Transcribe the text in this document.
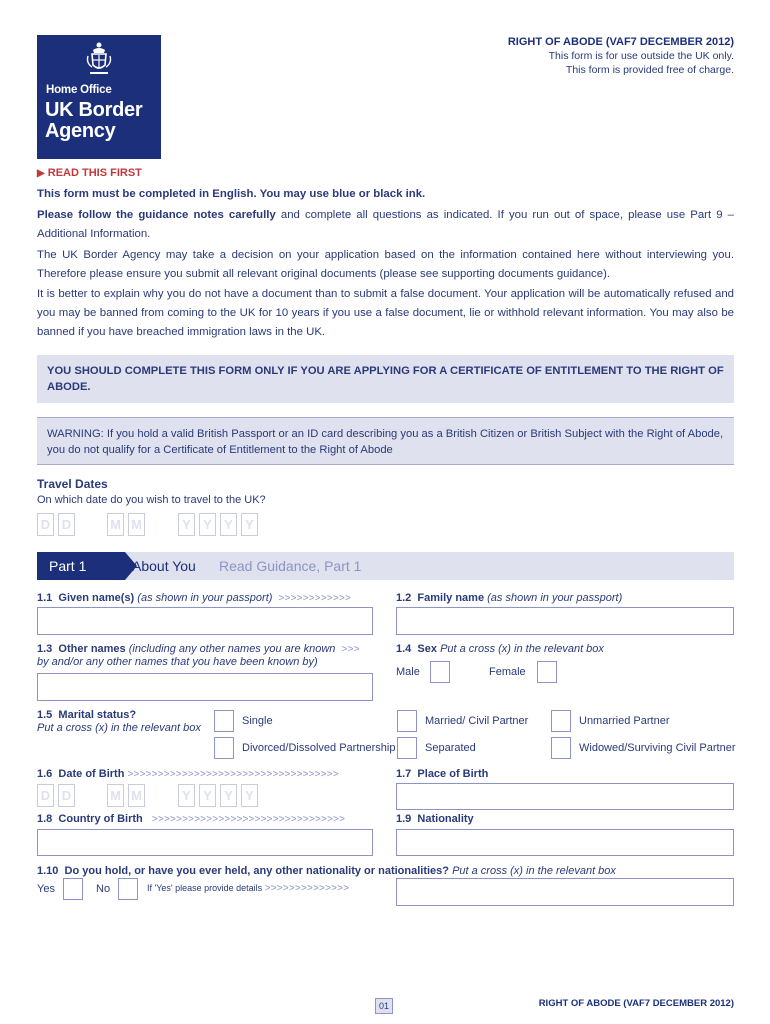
Home Office
UK Border
Agency
RIGHT OF ABODE (VAF7 DECEMBER 2012)
This form is for use outside the UK only.
This form is provided free of charge.
▶ READ THIS FIRST
This form must be completed in English. You may use blue or black ink.
Please follow the guidance notes carefully and complete all questions as indicated. If you run out of space, please use Part 9 – Additional Information.
The UK Border Agency may take a decision on your application based on the information contained here without interviewing you. Therefore please ensure you submit all relevant original documents (please see supporting documents guidance).
It is better to explain why you do not have a document than to submit a false document. Your application will be automatically refused and you may be banned from coming to the UK for 10 years if you use a false document, lie or withhold relevant information. You may also be banned if you have breached immigration laws in the UK.
YOU SHOULD COMPLETE THIS FORM ONLY IF YOU ARE APPLYING FOR A CERTIFICATE OF ENTITLEMENT TO THE RIGHT OF ABODE.
WARNING: If you hold a valid British Passport or an ID card describing you as a British Citizen or British Subject with the Right of Abode, you do not qualify for a Certificate of Entitlement to the Right of Abode
Travel Dates
On which date do you wish to travel to the UK?
D D	M M	Y Y Y Y
Part 1	About You Read Guidance, Part 1
1.1 Given name(s) (as shown in your passport) >>>>>>>>>>>>	1.2 Family name (as shown in your passport)
1.3 Other names (including any other names you are known >>>
by and/or any other names that you have been known by)
1.4 Sex Put a cross (x) in the relevant box
Male	Female
1.5 Marital status?
Put a cross (x) in the relevant box
Single	Married/ Civil Partner	Unmarried Partner
Divorced/Dissolved Partnership	Separated	Widowed/Surviving Civil Partner
1.6 Date of Birth >>>>>>>>>>>>>>>>>>>>>>>>>>>>>>>>>>>	1.7 Place of Birth
D D	M M	Y Y Y Y
1.8 Country of Birth >>>>>>>>>>>>>>>>>>>>>>>>>>>>>>>>	1.9 Nationality
1.10 Do you hold, or have you ever held, any other nationality or nationalities? Put a cross (x) in the relevant box
Yes	No	If 'Yes' please provide details >>>>>>>>>>>>>>
01	RIGHT OF ABODE (VAF7 DECEMBER 2012)
